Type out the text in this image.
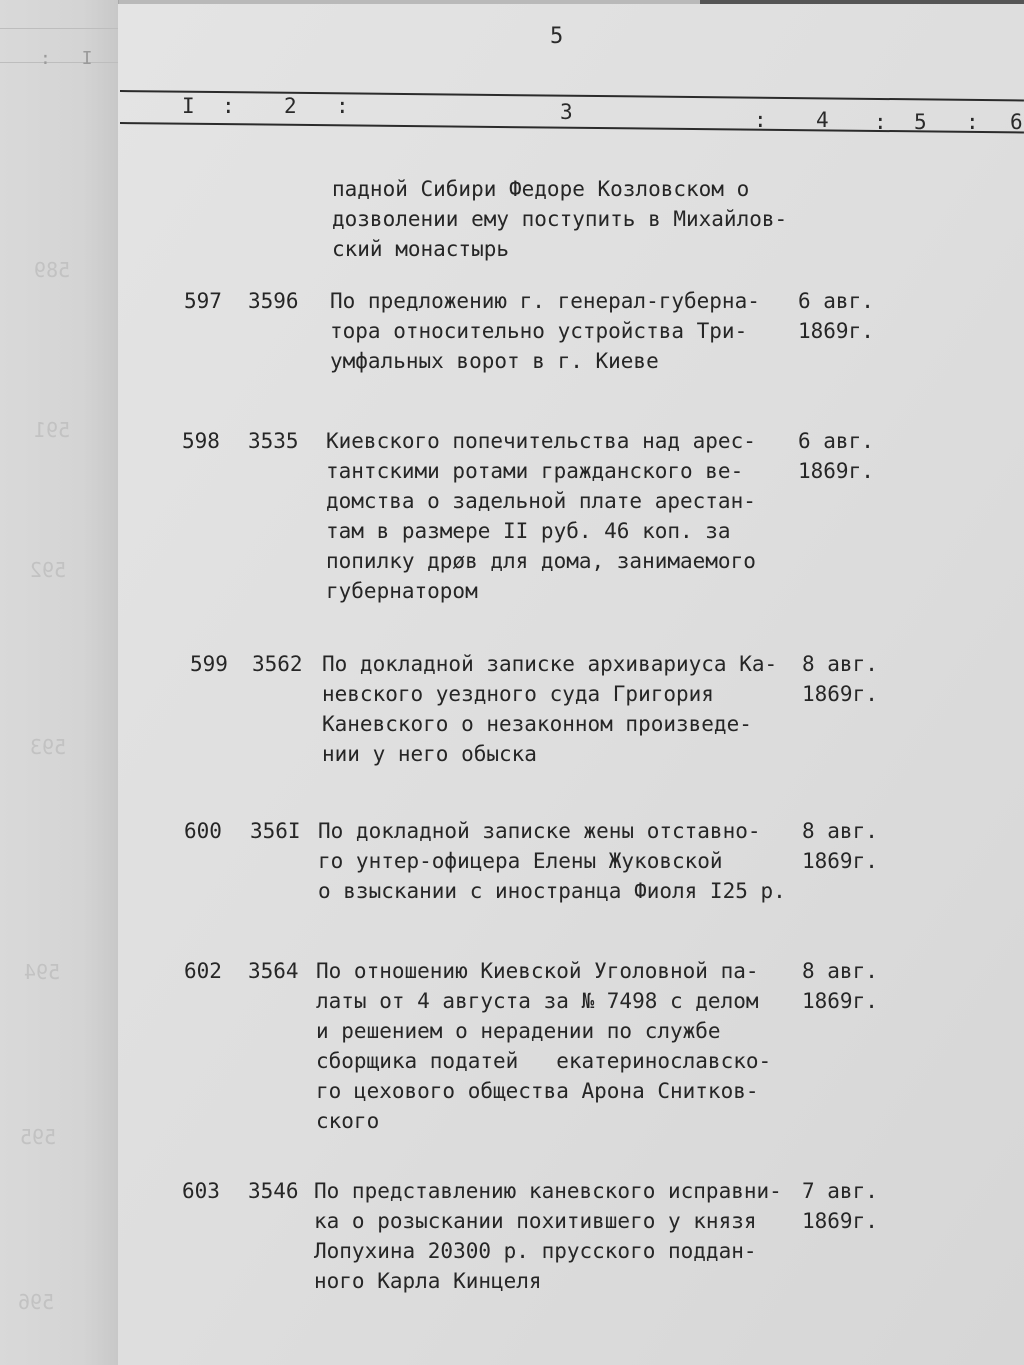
: I
589
591
592
593
594
595
596
5
I : 2 :	3	: 4 : 5 : 6
падной Сибири Федоре Козловском о
дозволении ему поступить в Михайлов-
ский монастырь
597 3596 По предложению г. генерал-губерна-
тора относительно устройства Три-
умфальных ворот в г. Киеве
6 авг.
1869г.
598 3535 Киевского попечительства над арес-
тантскими ротами гражданского ве-
домства о задельной плате арестан-
там в размере II руб. 46 коп. за
попилку дрøв для дома, занимаемого
губернатором
6 авг.
1869г.
599 3562 По докладной записке архивариуса Ка-
невского уездного суда Григория
Каневского о незаконном произведе-
нии у него обыска
8 авг.
1869г.
600 356I По докладной записке жены отставно-
го унтер-офицера Елены Жуковской
о взыскании с иностранца Фиоля I25 р.
8 авг.
1869г.
602 3564 По отношению Киевской Уголовной па-
латы от 4 августа за № 7498 с делом
и решением о нерадении по службе
сборщика податей   екатеринославско-
го цехового общества Арона Снитков-
ского
8 авг.
1869г.
603 3546 По представлению каневского исправни-
ка о розыскании похитившего у князя
Лопухина 20300 р. прусского поддан-
ного Карла Кинцеля
7 авг.
1869г.
